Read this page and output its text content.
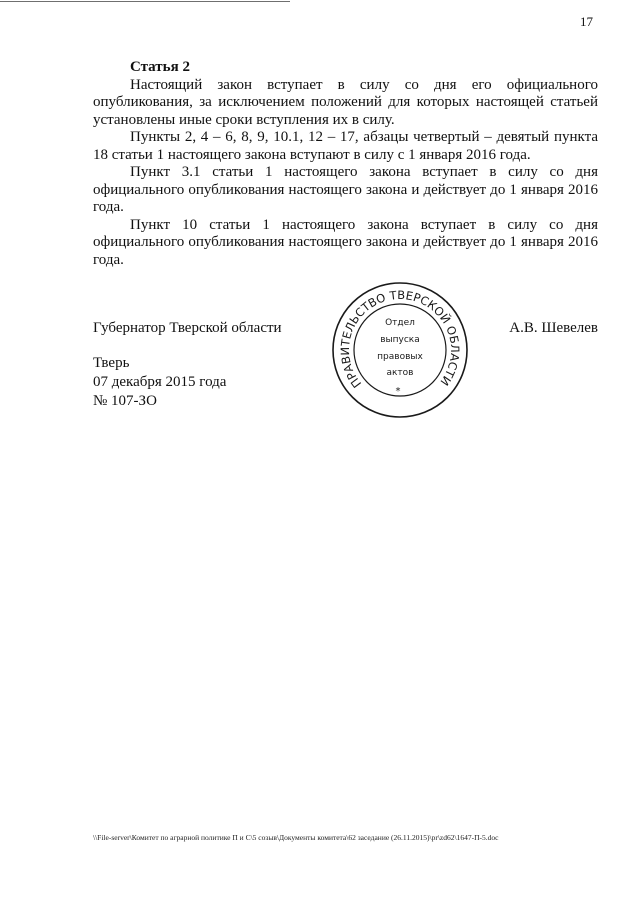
17
Статья 2

Настоящий закон вступает в силу со дня его официального опубликования, за исключением положений для которых настоящей статьей установлены иные сроки вступления их в силу.

Пункты 2, 4 – 6, 8, 9, 10.1, 12 – 17, абзацы четвертый – девятый пункта 18 статьи 1 настоящего закона вступают в силу с 1 января 2016 года.

Пункт 3.1 статьи 1 настоящего закона вступает в силу со дня официального опубликования настоящего закона и действует до 1 января 2016 года.

Пункт 10 статьи 1 настоящего закона вступает в силу со дня официального опубликования настоящего закона и действует до 1 января 2016 года.

Губернатор Тверской области	А.В. Шевелев
Тверь
07 декабря 2015 года
№ 107-ЗО
ПРАВИТЕЛЬСТВО ТВЕРСКОЙ ОБЛАСТИ
Отдел
выпуска
правовых
актов
*
\\File-server\Комитет по аграрной политике П и С\5 созыв\Документы комитета\62 заседание (26.11.2015)\pr\zd62\1647-П-5.doc
